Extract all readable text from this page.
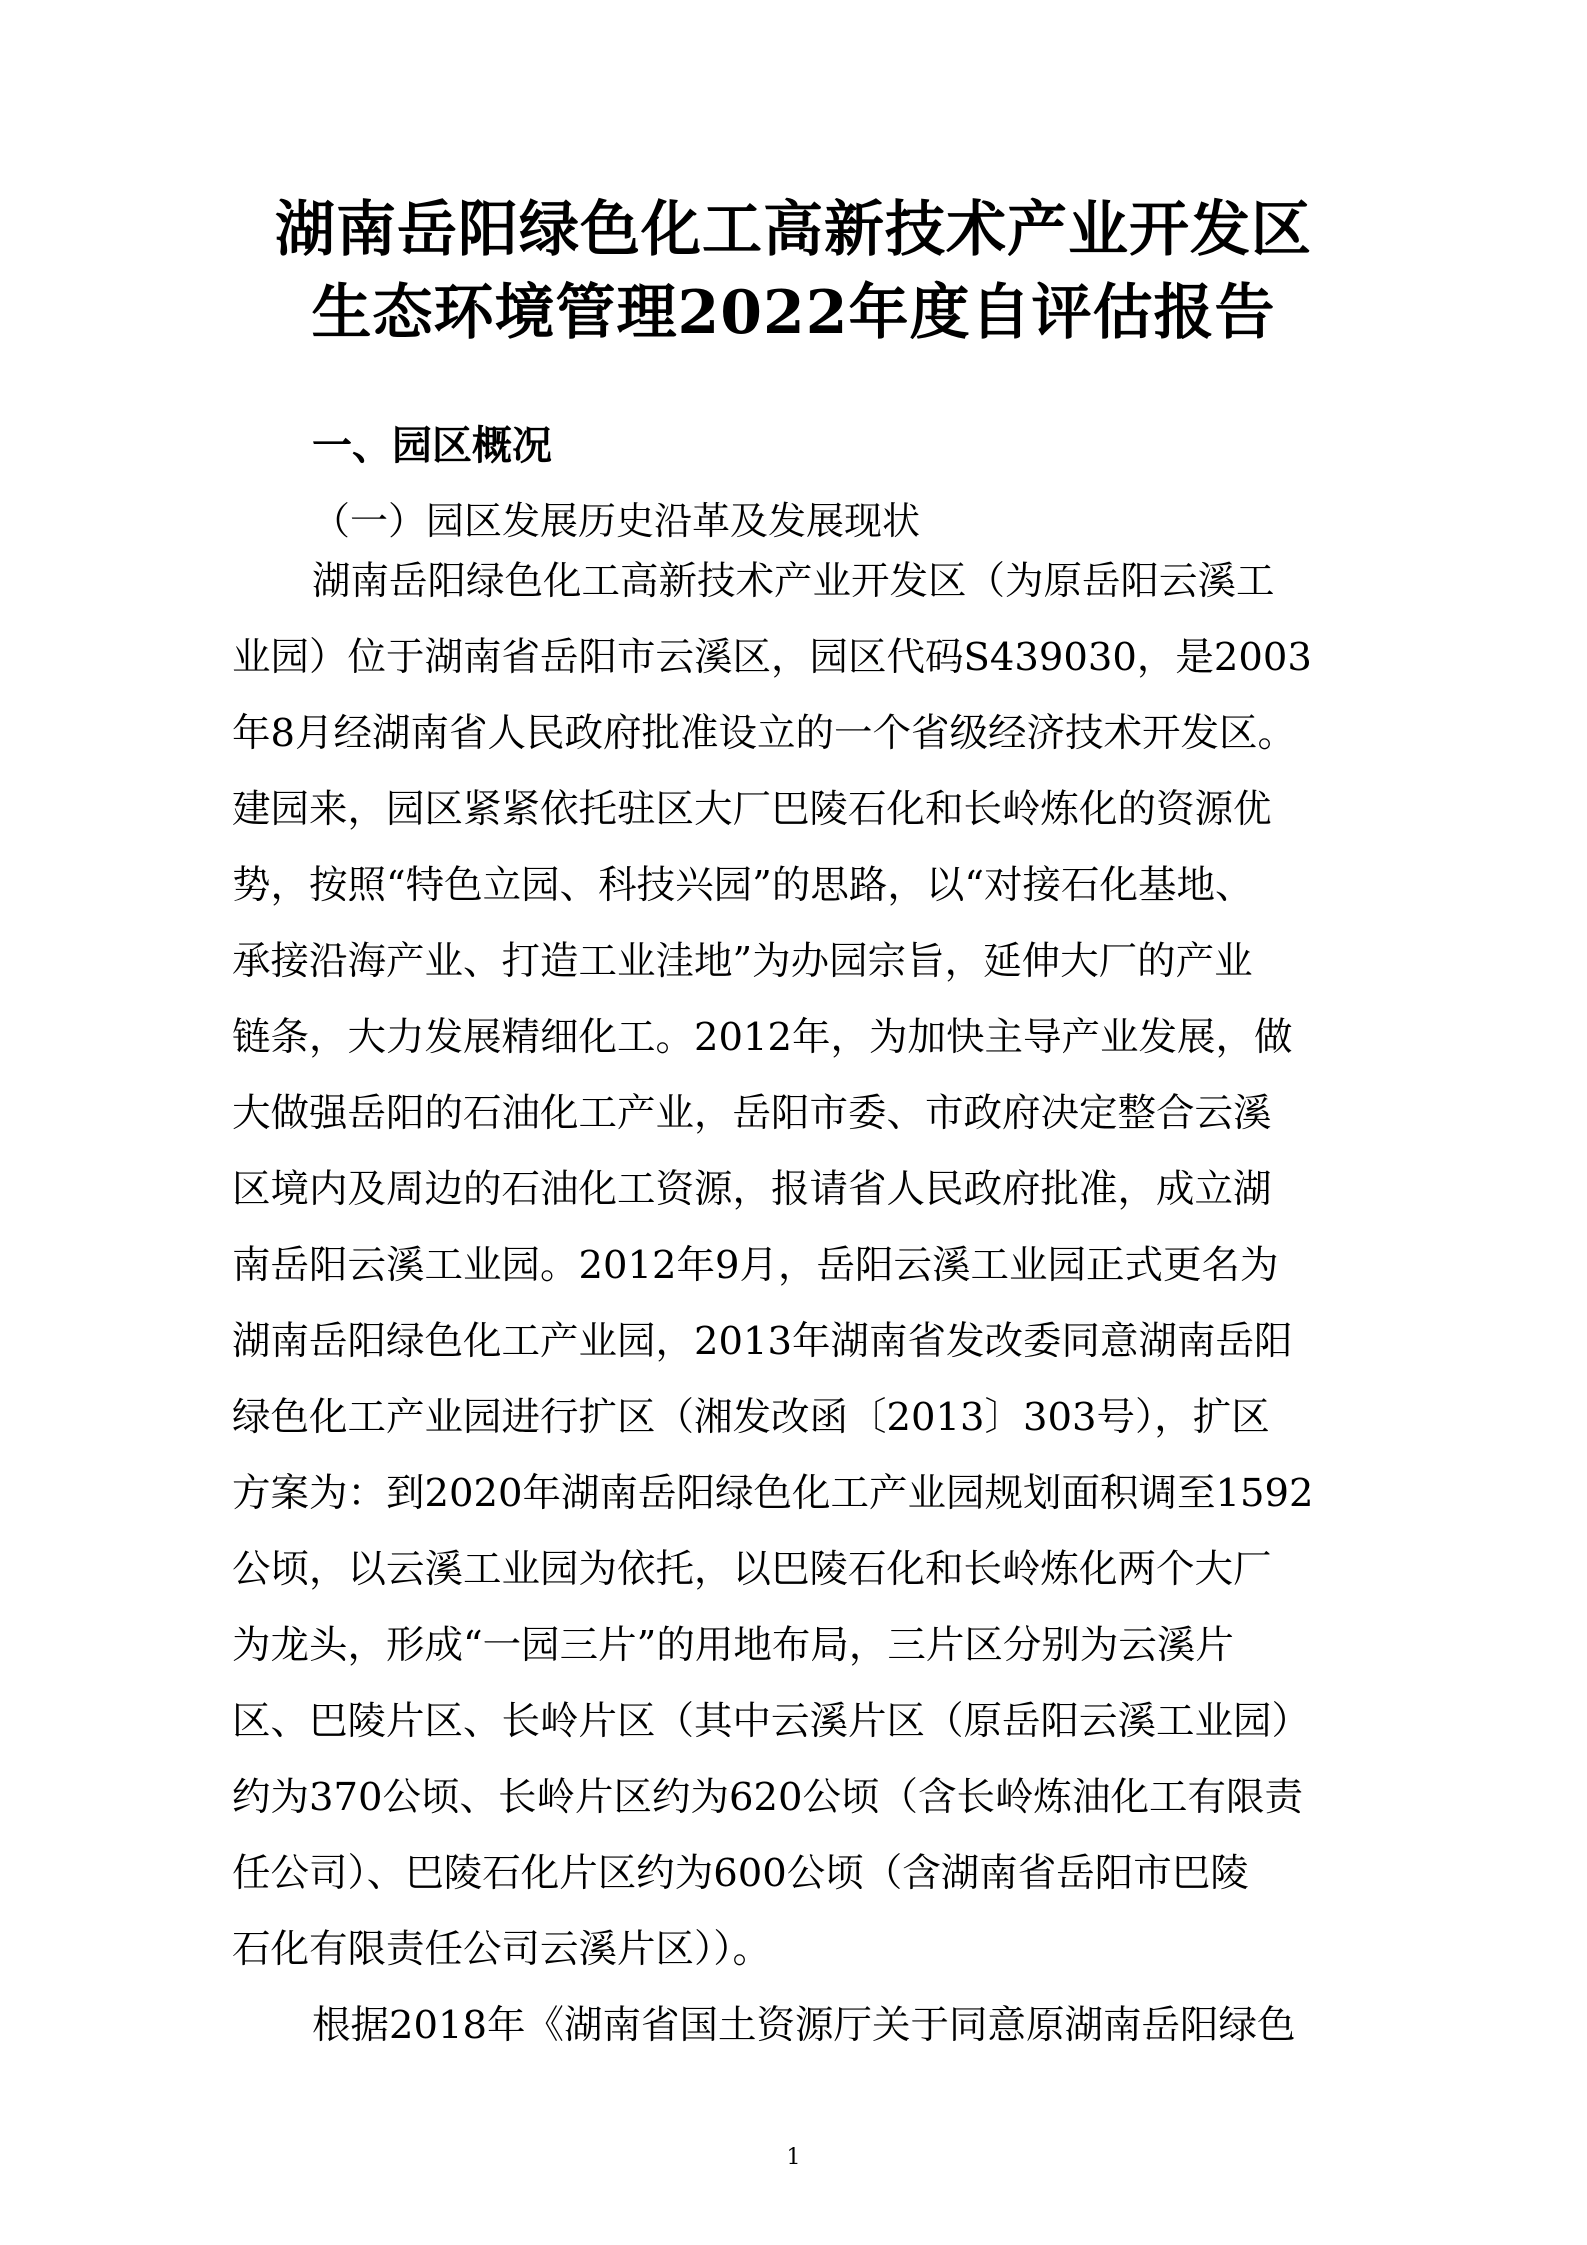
湖南岳阳绿色化工高新技术产业开发区
生态环境管理2022年度自评估报告
一、园区概况
（一）园区发展历史沿革及发展现状
湖南岳阳绿色化工高新技术产业开发区（为原岳阳云溪工
业园）位于湖南省岳阳市云溪区，园区代码S439030，是2003
年8月经湖南省人民政府批准设立的一个省级经济技术开发区。
建园来，园区紧紧依托驻区大厂巴陵石化和长岭炼化的资源优
势，按照“特色立园、科技兴园”的思路，以“对接石化基地、
承接沿海产业、打造工业洼地”为办园宗旨，延伸大厂的产业
链条，大力发展精细化工。2012年，为加快主导产业发展，做
大做强岳阳的石油化工产业，岳阳市委、市政府决定整合云溪
区境内及周边的石油化工资源，报请省人民政府批准，成立湖
南岳阳云溪工业园。2012年9月，岳阳云溪工业园正式更名为
湖南岳阳绿色化工产业园，2013年湖南省发改委同意湖南岳阳
绿色化工产业园进行扩区（湘发改函〔2013〕303号），扩区
方案为：到2020年湖南岳阳绿色化工产业园规划面积调至1592
公顷，以云溪工业园为依托，以巴陵石化和长岭炼化两个大厂
为龙头，形成“一园三片”的用地布局，三片区分别为云溪片
区、巴陵片区、长岭片区（其中云溪片区（原岳阳云溪工业园）
约为370公顷、长岭片区约为620公顷（含长岭炼油化工有限责
任公司）、巴陵石化片区约为600公顷（含湖南省岳阳市巴陵
石化有限责任公司云溪片区））。
根据2018年《湖南省国土资源厅关于同意原湖南岳阳绿色
1
